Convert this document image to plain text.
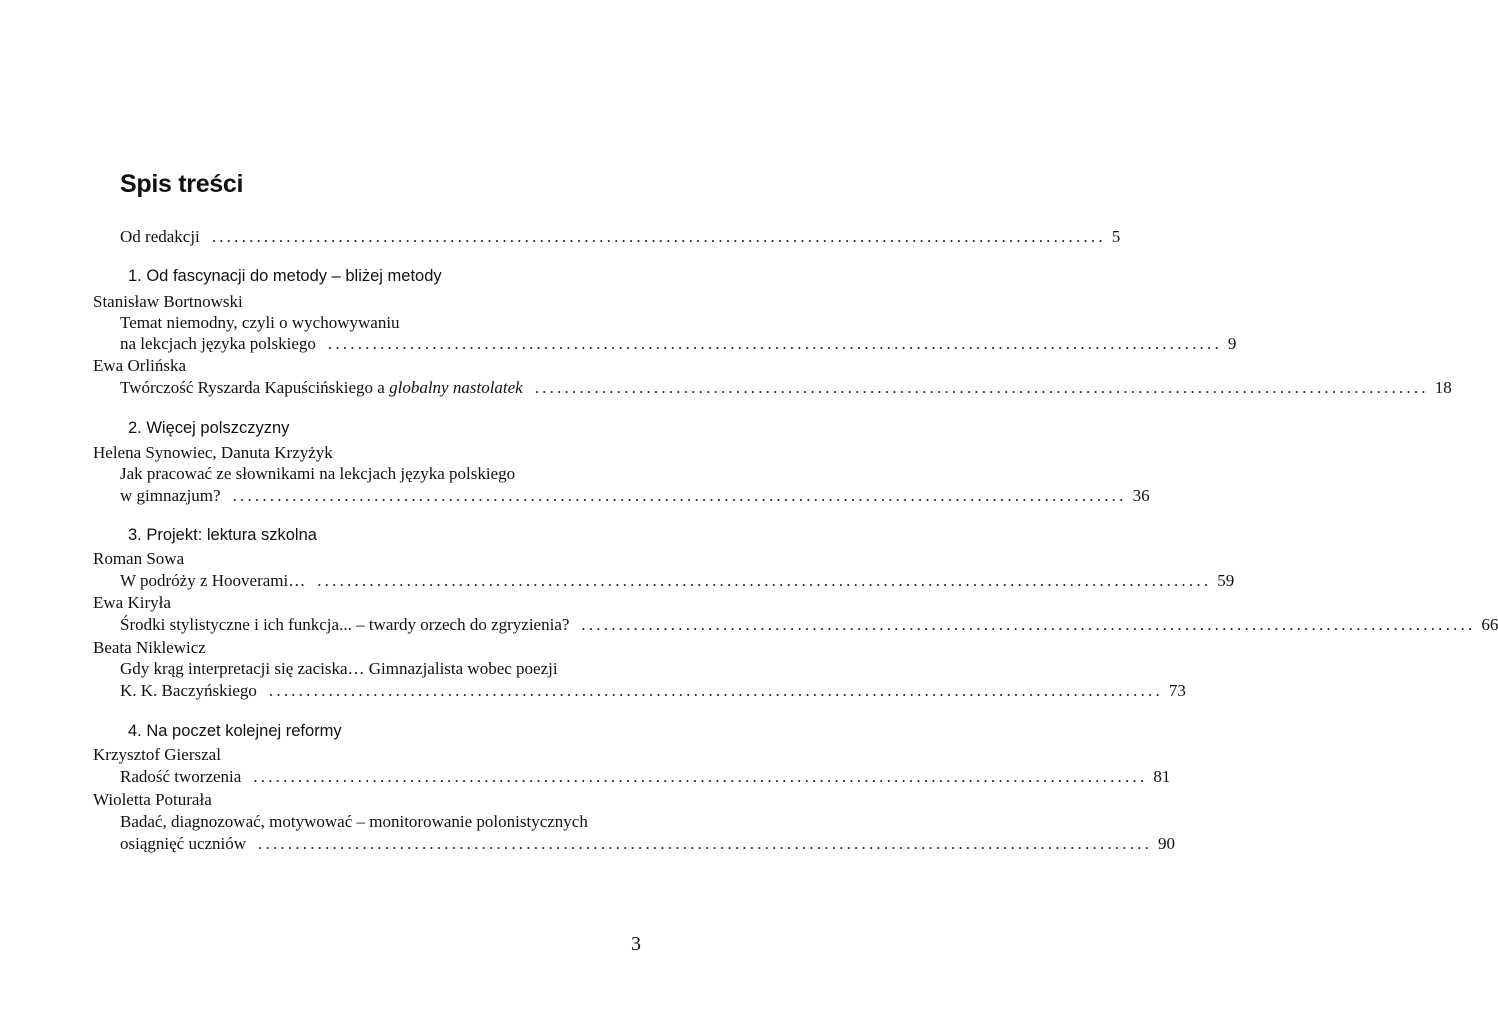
Spis treści
Od redakcji ........................................................................................................................ 5
1. Od fascynacji do metody – bliżej metody
Stanisław Bortnowski
Temat niemodny, czyli o wychowywaniu
na lekcjach języka polskiego ........................................................................................................................ 9
Ewa Orlińska
Twórczość Ryszarda Kapuścińskiego a globalny nastolatek ........................................................................................................................ 18
2. Więcej polszczyzny
Helena Synowiec, Danuta Krzyżyk
Jak pracować ze słownikami na lekcjach języka polskiego
w gimnazjum? ........................................................................................................................ 36
3. Projekt: lektura szkolna
Roman Sowa
W podróży z Hooverami… ........................................................................................................................ 59
Ewa Kiryła
Środki stylistyczne i ich funkcja... – twardy orzech do zgryzienia? ........................................................................................................................ 66
Beata Niklewicz
Gdy krąg interpretacji się zaciska… Gimnazjalista wobec poezji
K. K. Baczyńskiego ........................................................................................................................ 73
4. Na poczet kolejnej reformy
Krzysztof Gierszal
Radość tworzenia ........................................................................................................................ 81
Wioletta Poturała
Badać, diagnozować, motywować – monitorowanie polonistycznych
osiągnięć uczniów ........................................................................................................................ 90
3
